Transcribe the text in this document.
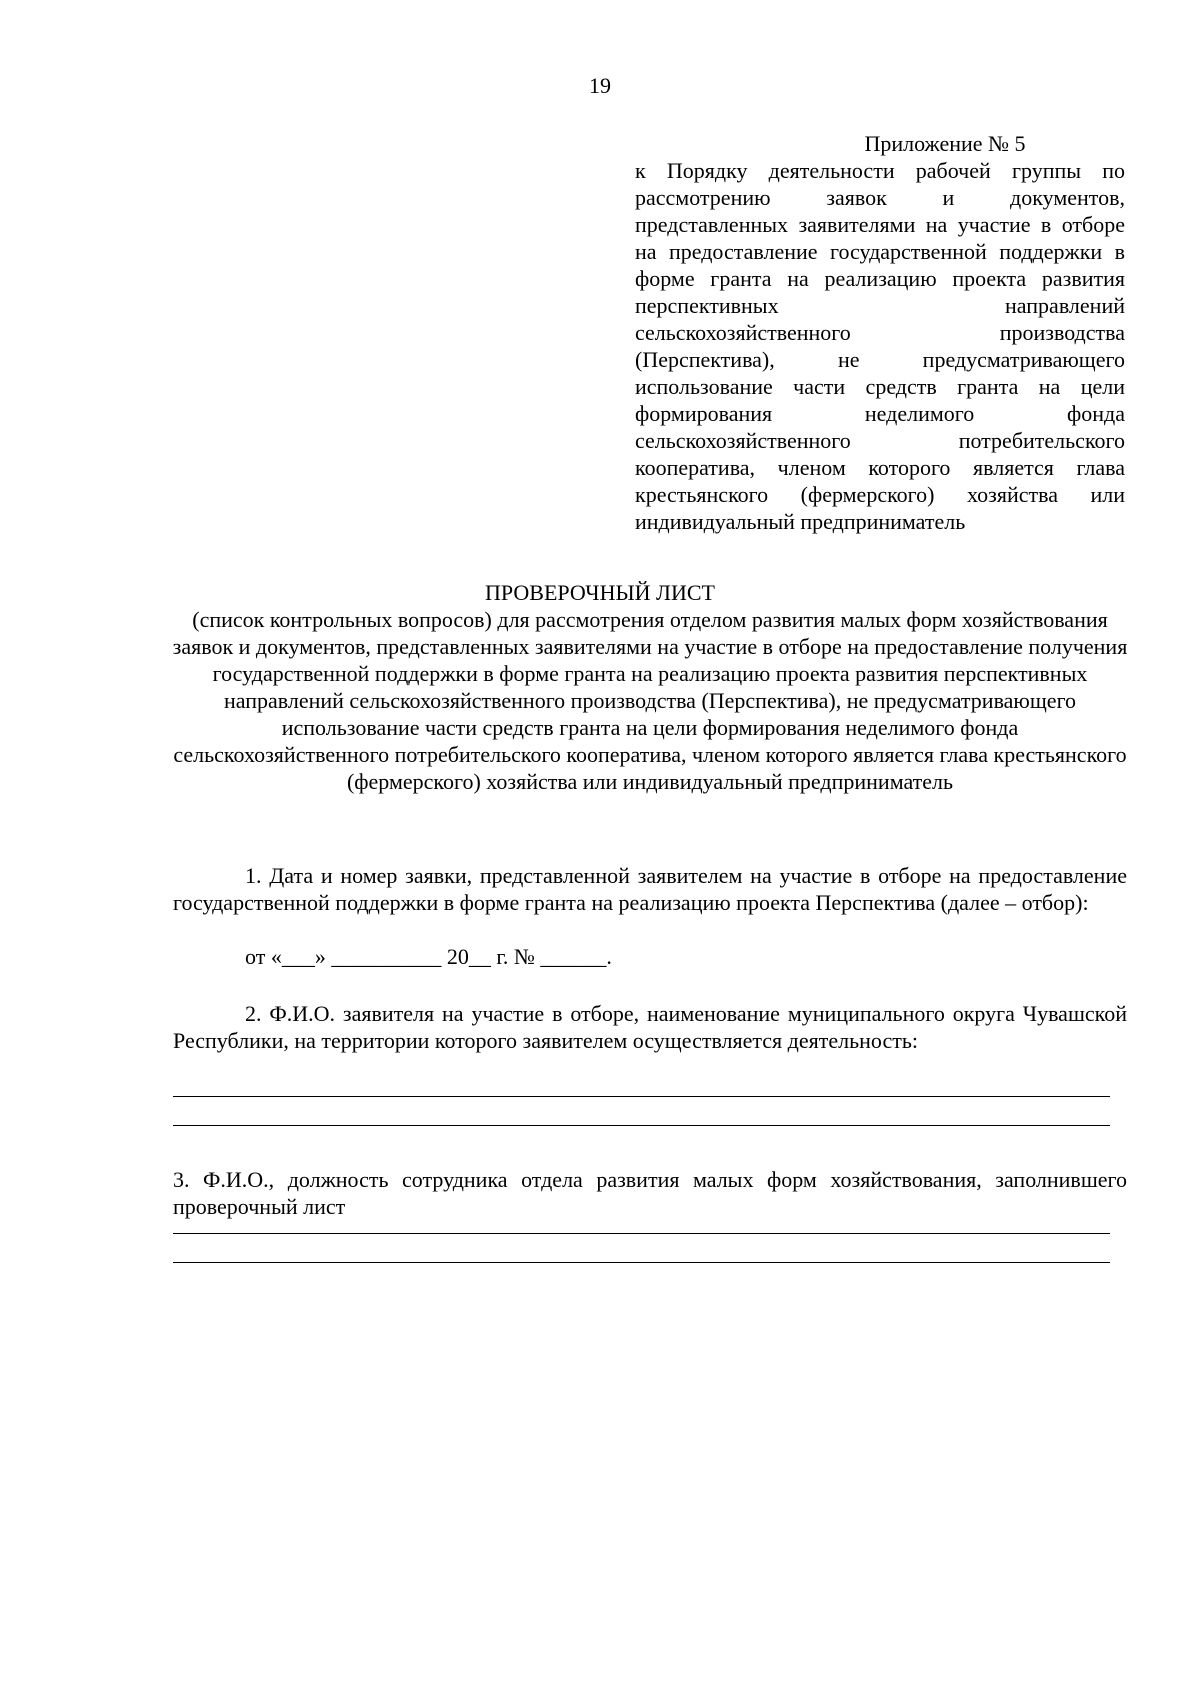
19
Приложение № 5
к Порядку деятельности рабочей группы по рассмотрению заявок и документов, представленных заявителями на участие в отборе на предоставление государственной поддержки в форме гранта на реализацию проекта развития перспективных направлений сельскохозяйственного производства (Перспектива), не предусматривающего использование части средств гранта на цели формирования неделимого фонда сельскохозяйственного потребительского кооператива, членом которого является глава крестьянского (фермерского) хозяйства или индивидуальный предприниматель
ПРОВЕРОЧНЫЙ ЛИСТ
(список контрольных вопросов) для рассмотрения отделом развития малых форм хозяйствования заявок и документов, представленных заявителями на участие в отборе на предоставление получения государственной поддержки в форме гранта на реализацию проекта развития перспективных направлений сельскохозяйственного производства (Перспектива), не предусматривающего использование части средств гранта на цели формирования неделимого фонда сельскохозяйственного потребительского кооператива, членом которого является глава крестьянского (фермерского) хозяйства или индивидуальный предприниматель
1. Дата и номер заявки, представленной заявителем на участие в отборе на предоставление государственной поддержки в форме гранта на реализацию проекта Перспектива (далее – отбор):
от «___» __________ 20__ г. № ______.
2. Ф.И.О. заявителя на участие в отборе, наименование муниципального округа Чувашской Республики, на территории которого заявителем осуществляется деятельность:
3. Ф.И.О., должность сотрудника отдела развития малых форм хозяйствования, заполнившего проверочный лист
